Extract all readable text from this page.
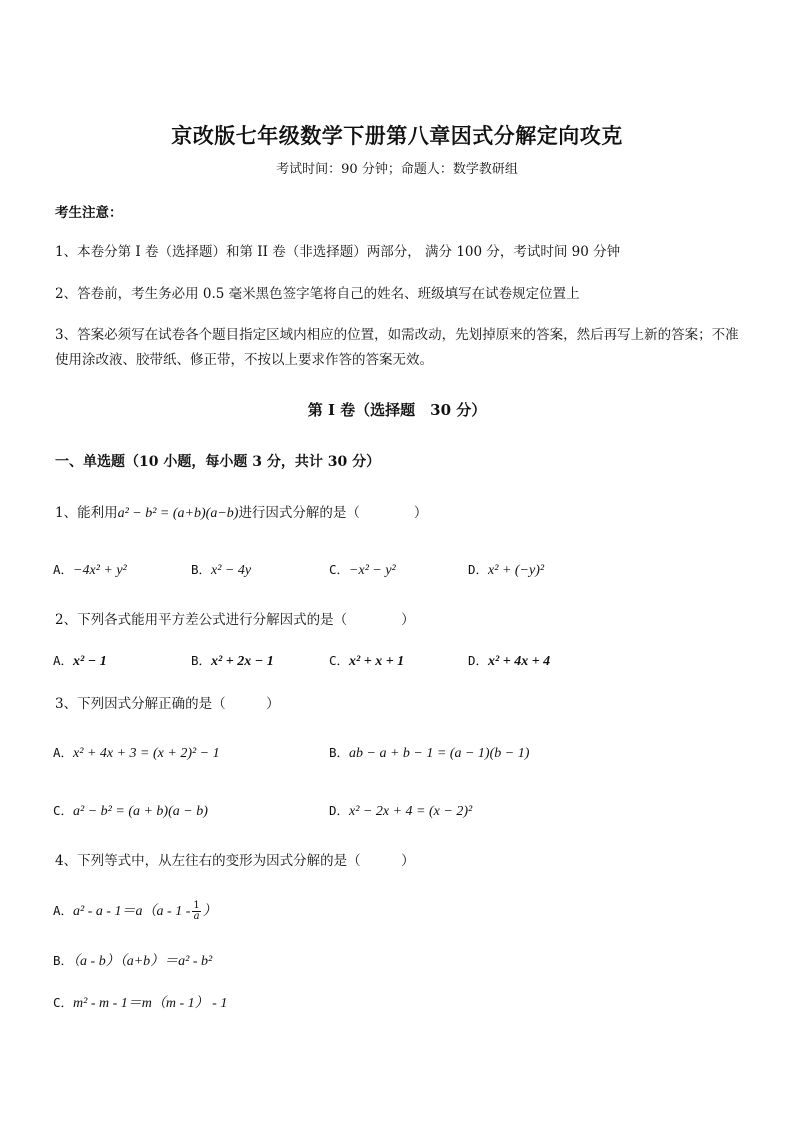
京改版七年级数学下册第八章因式分解定向攻克
考试时间：90 分钟；命题人：数学教研组
考生注意：
1、本卷分第 I 卷（选择题）和第 II 卷（非选择题）两部分， 满分 100 分，考试时间 90 分钟
2、答卷前，考生务必用 0.5 毫米黑色签字笔将自己的姓名、班级填写在试卷规定位置上
3、答案必须写在试卷各个题目指定区域内相应的位置，如需改动，先划掉原来的答案，然后再写上新的答案；不准使用涂改液、胶带纸、修正带，不按以上要求作答的答案无效。
第 I 卷（选择题　30 分）
一、单选题（10 小题，每小题 3 分，共计 30 分）
1、能利用a² − b² = (a+b)(a−b)进行因式分解的是（　　　　）
A．−4x² + y²	B．x² − 4y	C．−x² − y²	D．x² + (−y)²
2、下列各式能用平方差公式进行分解因式的是（　　　　）
A．x² − 1	B．x² + 2x − 1	C．x² + x + 1	D．x² + 4x + 4
3、下列因式分解正确的是（　　　）
A．x² + 4x + 3 = (x + 2)² − 1	B．ab − a + b − 1 = (a − 1)(b − 1)
C．a² − b² = (a + b)(a − b)	D．x² − 2x + 4 = (x − 2)²
4、下列等式中，从左往右的变形为因式分解的是（　　　）
A．$a^2 - a - 1=a(a - 1 - \frac{1}{a}$ ）
B．（a - b）（a+b）＝a² - b²
C．m² - m - 1＝m（m - 1） - 1
